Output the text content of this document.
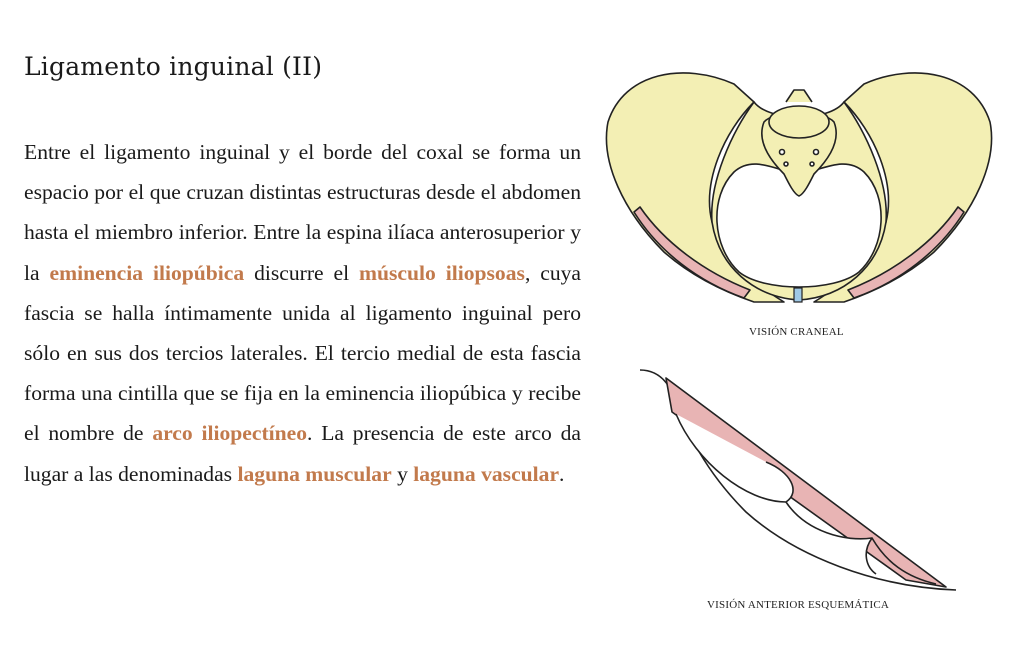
Ligamento inguinal (II)

Entre el ligamento inguinal y el borde del coxal se forma un espacio por el que cruzan distintas estructuras desde el abdomen hasta el miembro inferior. Entre la espina ilíaca anterosuperior y la eminencia iliopúbica discurre el músculo iliopsoas, cuya fascia se halla íntimamente unida al ligamento inguinal pero sólo en sus dos tercios laterales. El tercio medial de esta fascia forma una cintilla que se fija en la eminencia iliopúbica y recibe el nombre de arco iliopectíneo. La presencia de este arco da lugar a las denominadas laguna muscular y laguna vascular.

VISIÓN CRANEAL
VISIÓN ANTERIOR ESQUEMÁTICA
